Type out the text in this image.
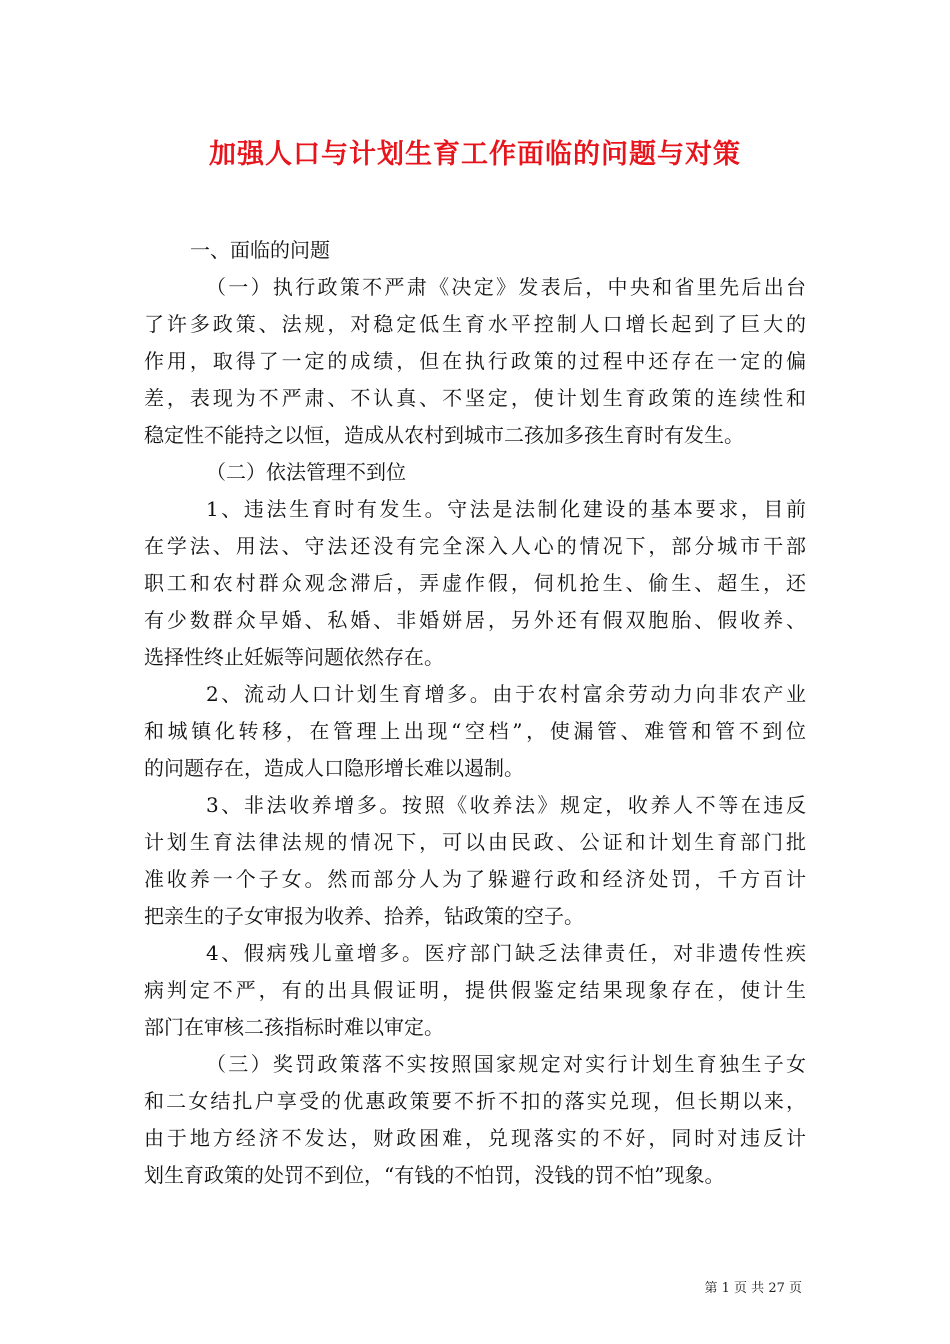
加强人口与计划生育工作面临的问题与对策
一、面临的问题
（一）执行政策不严肃《决定》发表后，中央和省里先后出台
了许多政策、法规，对稳定低生育水平控制人口增长起到了巨大的
作用，取得了一定的成绩，但在执行政策的过程中还存在一定的偏
差，表现为不严肃、不认真、不坚定，使计划生育政策的连续性和
稳定性不能持之以恒，造成从农村到城市二孩加多孩生育时有发生。
（二）依法管理不到位
1、违法生育时有发生。守法是法制化建设的基本要求，目前
在学法、用法、守法还没有完全深入人心的情况下，部分城市干部
职工和农村群众观念滞后，弄虚作假，伺机抢生、偷生、超生，还
有少数群众早婚、私婚、非婚姘居，另外还有假双胞胎、假收养、
选择性终止妊娠等问题依然存在。
2、流动人口计划生育增多。由于农村富余劳动力向非农产业
和城镇化转移，在管理上出现“空档”，使漏管、难管和管不到位
的问题存在，造成人口隐形增长难以遏制。
3、非法收养增多。按照《收养法》规定，收养人不等在违反
计划生育法律法规的情况下，可以由民政、公证和计划生育部门批
准收养一个子女。然而部分人为了躲避行政和经济处罚，千方百计
把亲生的子女审报为收养、拾养，钻政策的空子。
4、假病残儿童增多。医疗部门缺乏法律责任，对非遗传性疾
病判定不严，有的出具假证明，提供假鉴定结果现象存在，使计生
部门在审核二孩指标时难以审定。
（三）奖罚政策落不实按照国家规定对实行计划生育独生子女
和二女结扎户享受的优惠政策要不折不扣的落实兑现，但长期以来，
由于地方经济不发达，财政困难，兑现落实的不好，同时对违反计
划生育政策的处罚不到位，“有钱的不怕罚，没钱的罚不怕”现象。
第 1 页 共 27 页
